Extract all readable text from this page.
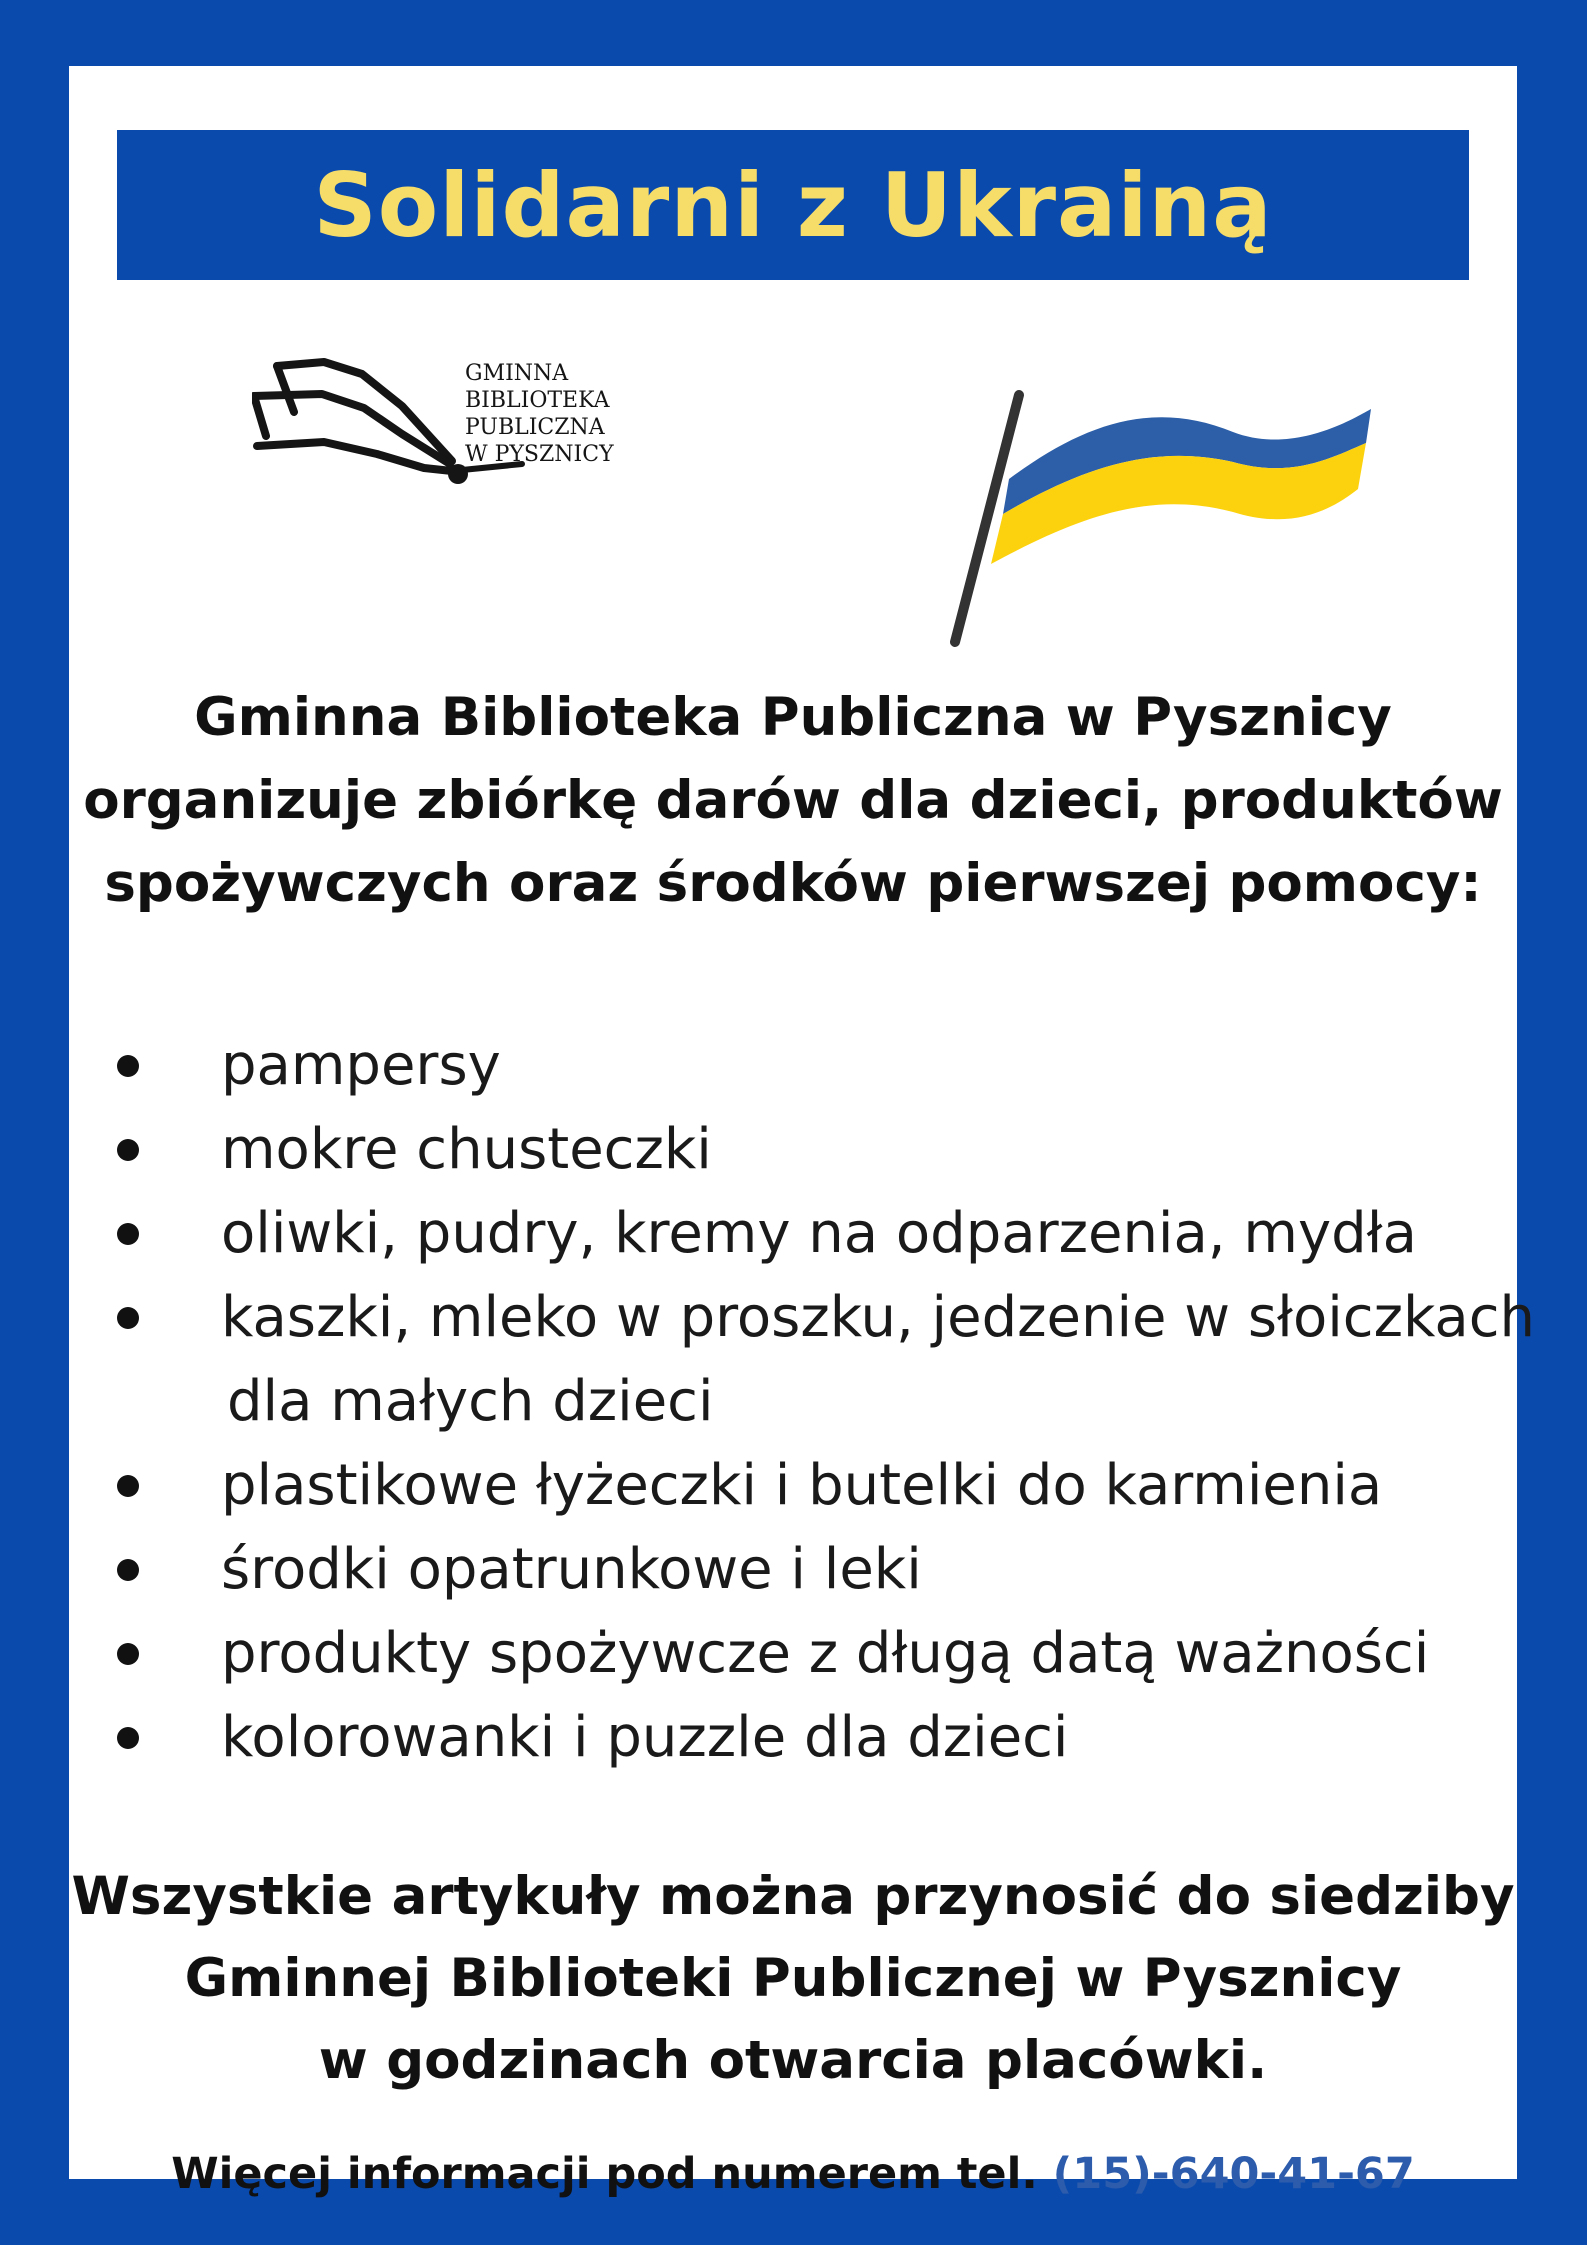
Solidarni z Ukrainą
GMINNA
BIBLIOTEKA
PUBLICZNA
W PYSZNICY
Gminna Biblioteka Publiczna w Pysznicy
organizuje zbiórkę darów dla dzieci, produktów
spożywczych oraz środków pierwszej pomocy:
pampersy
mokre chusteczki
oliwki, pudry, kremy na odparzenia, mydła
kaszki, mleko w proszku, jedzenie w słoiczkach
dla małych dzieci
plastikowe łyżeczki i butelki do karmienia
środki opatrunkowe i leki
produkty spożywcze z długą datą ważności
kolorowanki i puzzle dla dzieci
Wszystkie artykuły można przynosić do siedziby
Gminnej Biblioteki Publicznej w Pysznicy
w godzinach otwarcia placówki.
Więcej informacji pod numerem tel. (15)-640-41-67
